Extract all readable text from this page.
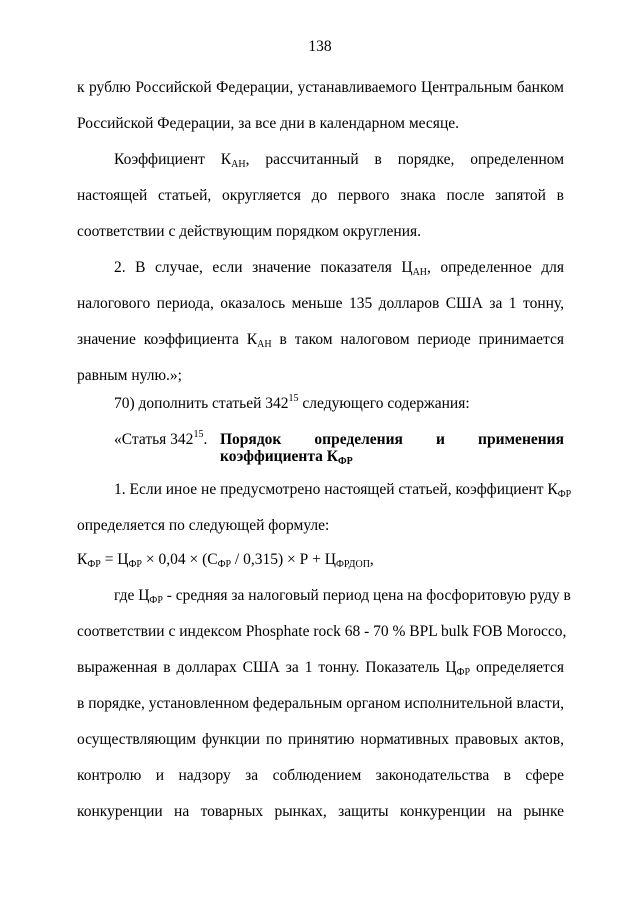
138
к рублю Российской Федерации, устанавливаемого Центральным банком
Российской Федерации, за все дни в календарном месяце.
Коэффициент $К_{АН}$, рассчитанный в порядке, определенном
настоящей статьей, округляется до первого знака после запятой в
соответствии с действующим порядком округления.
2. В случае, если значение показателя $Ц_{АН}$, определенное для
налогового периода, оказалось меньше 135 долларов США за 1 тонну,
значение коэффициента $К_{АН}$ в таком налоговом периоде принимается
равным нулю.»;
70) дополнить статьей $342^{15}$ следующего содержания:
«Статья $342^{15}$. Порядок определения и применения
коэффициента $К_{ФР}$
1. Если иное не предусмотрено настоящей статьей, коэффициент $К_{ФР}$
определяется по следующей формуле:
$К_{ФР} = Ц_{ФР} \times 0,04 \times (С_{ФР} / 0,315) \times Р + Ц_{ФРДОП}$,
где $Ц_{ФР}$ - средняя за налоговый период цена на фосфоритовую руду в
соответствии с индексом Phosphate rock 68 - 70 % BPL bulk FOB Morocco,
выраженная в долларах США за 1 тонну. Показатель $Ц_{ФР}$ определяется
в порядке, установленном федеральным органом исполнительной власти,
осуществляющим функции по принятию нормативных правовых актов,
контролю и надзору за соблюдением законодательства в сфере
конкуренции на товарных рынках, защиты конкуренции на рынке
